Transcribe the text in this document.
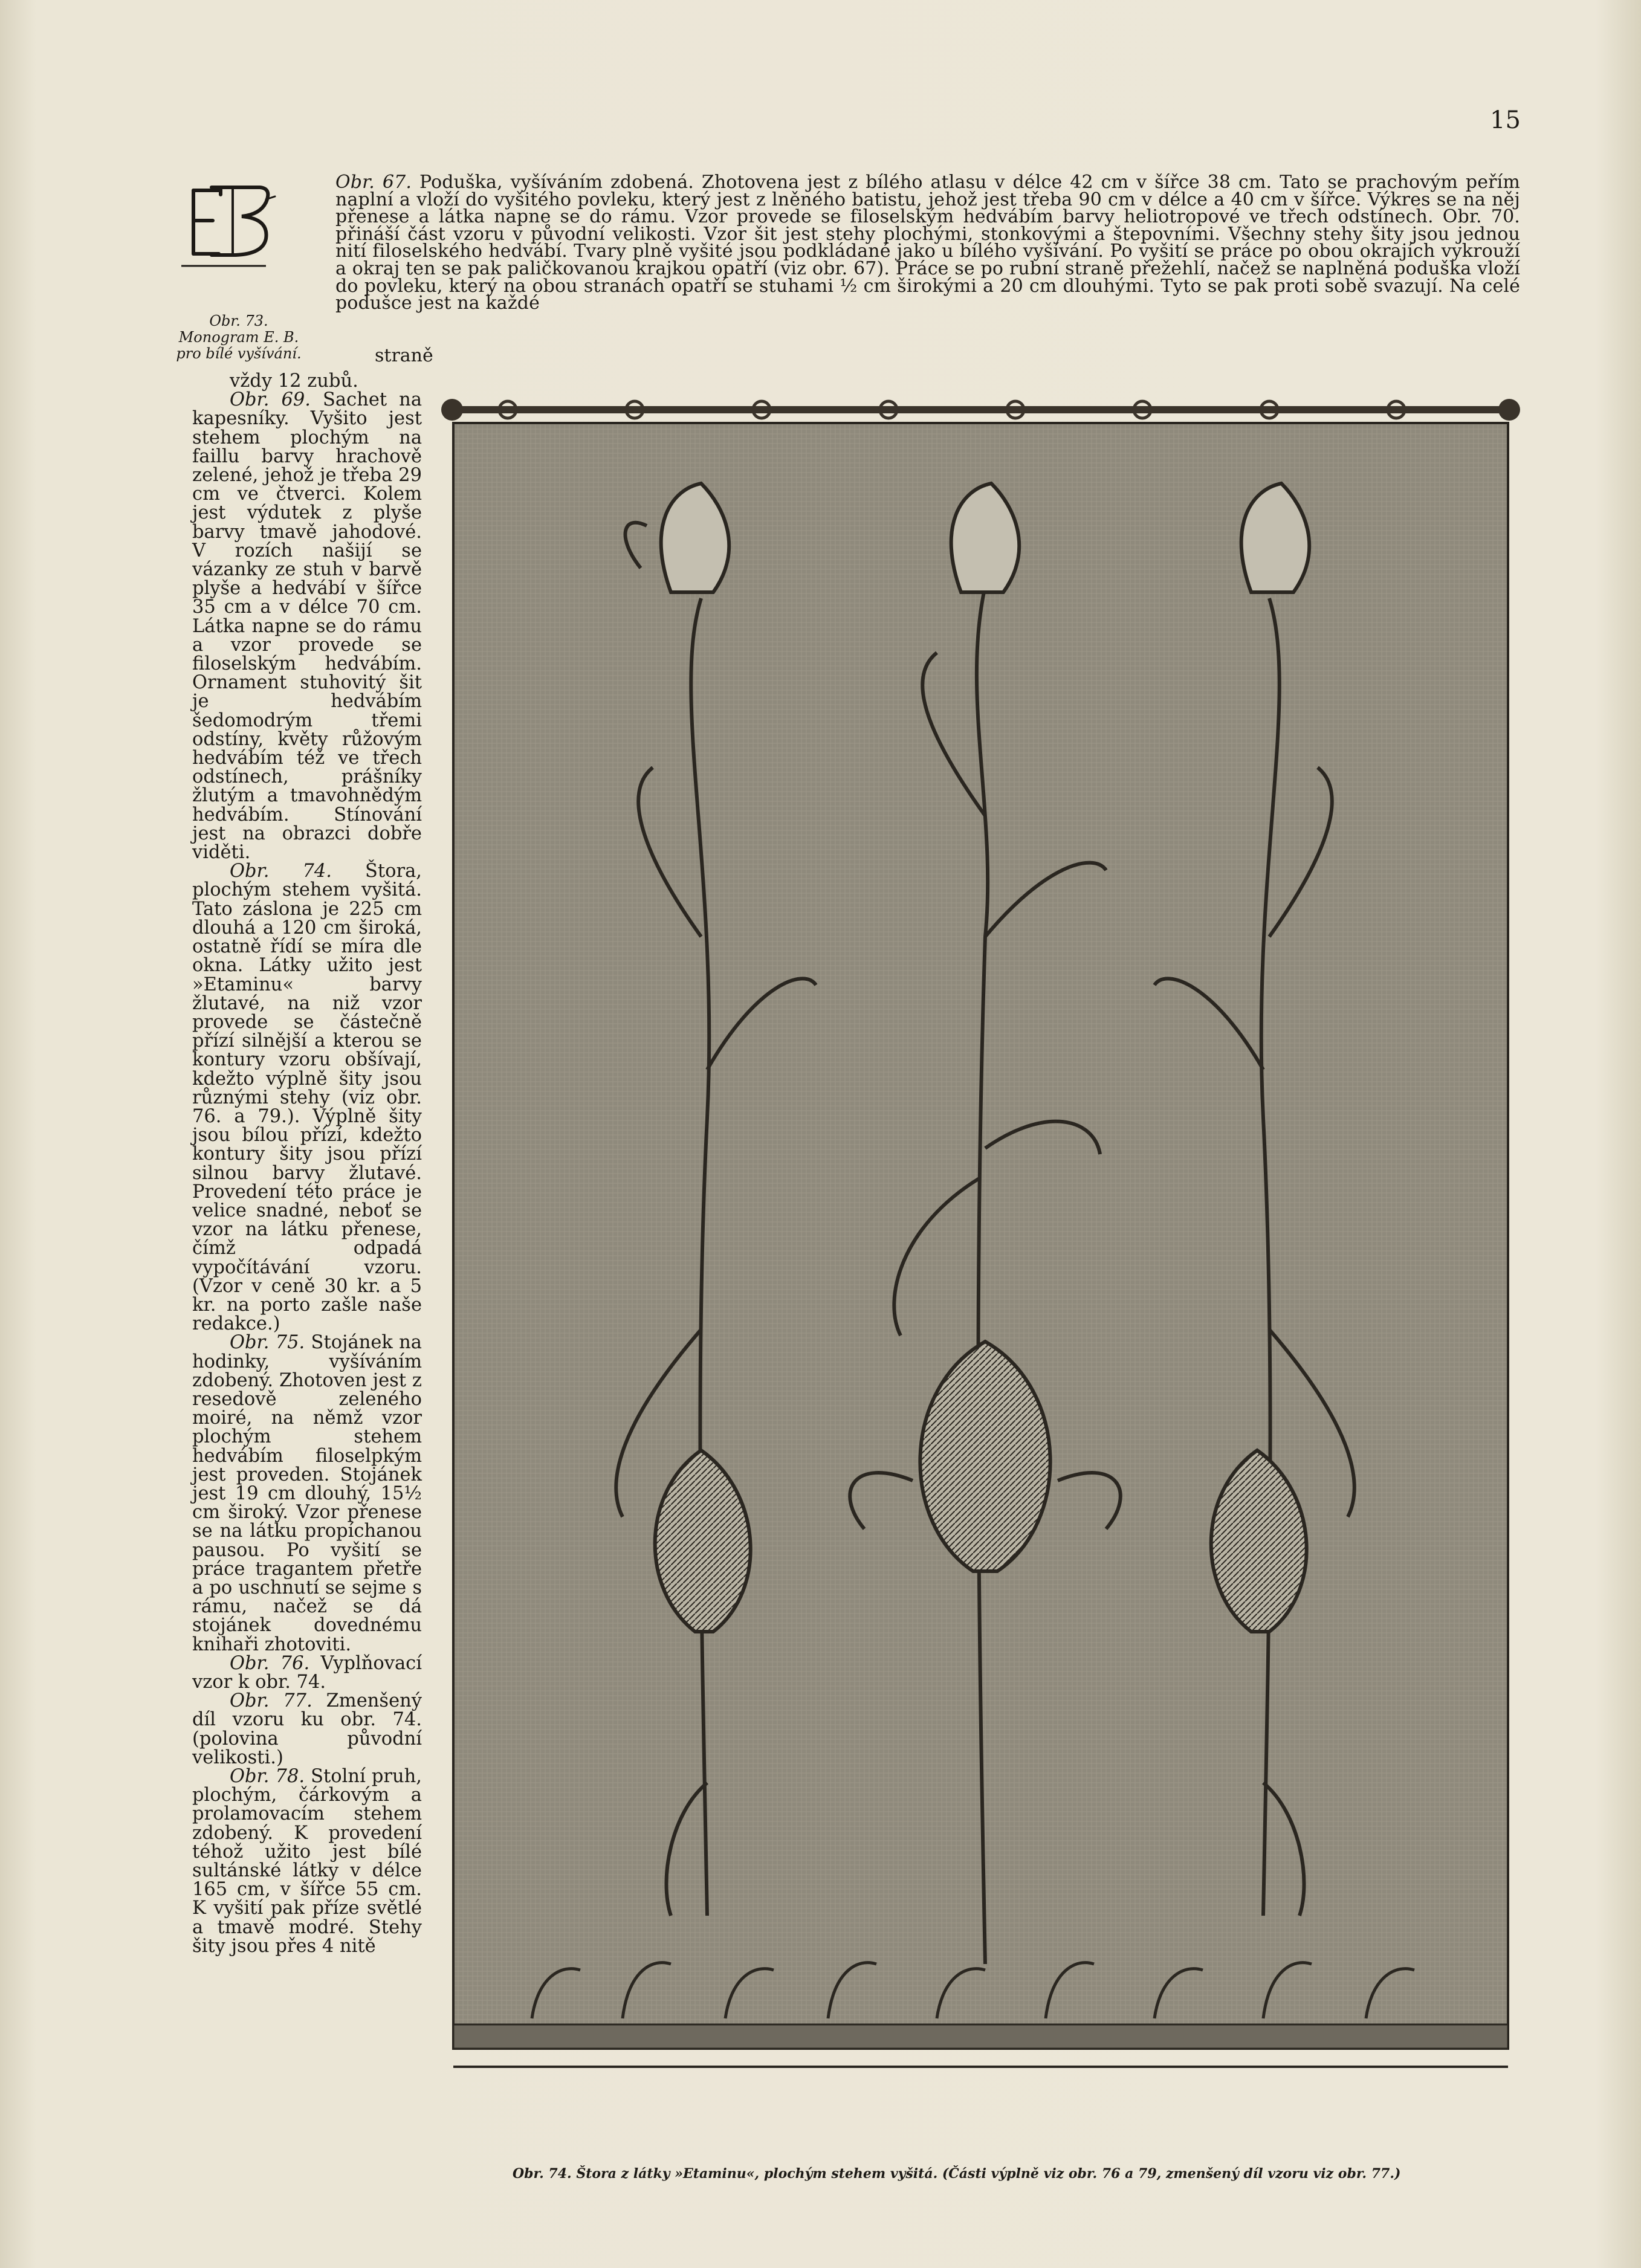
15
Obr. 73. Monogram E. B. pro bílé vyšívání.

Obr. 67. Poduška, vyšíváním zdobená. Zhotovena jest z bílého atlasu v délce 42 cm v šířce 38 cm. Tato se prachovým peřím naplní a vloží do vyšitého povleku, který jest z lněného batistu, jehož jest třeba 90 cm v délce a 40 cm v šířce. Výkres se na něj přenese a látka napne se do rámu. Vzor provede se filoselským hedvábím barvy heliotropové ve třech odstínech. Obr. 70. přináší část vzoru v původní velikosti. Vzor šit jest stehy plochými, stonkovými a štepovními. Všechny stehy šity jsou jednou nití filoselského hedvábí. Tvary plně vyšité jsou podkládané jako u bílého vyšívání. Po vyšití se práce po obou okrajích vykrouží a okraj ten se pak paličkovanou krajkou opatří (viz obr. 67). Práce se po rubní straně přežehlí, načež se naplněná poduška vloží do povleku, který na obou stranách opatří se stuhami ½ cm širokými a 20 cm dlouhými. Tyto se pak proti sobě svazují. Na celé podušce jest na každé

straně

vždy 12 zubů.

Obr. 69. Sachet na kapesníky. Vyšito jest stehem plochým na faillu barvy hrachově zelené, jehož je třeba 29 cm ve čtverci. Kolem jest výdutek z plyše barvy tmavě jahodové. V rozích našijí se vázanky ze stuh v barvě plyše a hedvábí v šířce 35 cm a v délce 70 cm. Látka napne se do rámu a vzor provede se filoselským hedvábím. Ornament stuhovitý šit je hedvábím šedomodrým třemi odstíny, květy růžovým hedvábím též ve třech odstínech, prášníky žlutým a tmavohnědým hedvábím. Stínování jest na obrazci dobře viděti.

Obr. 74. Štora, plochým stehem vyšitá. Tato záslona je 225 cm dlouhá a 120 cm široká, ostatně řídí se míra dle okna. Látky užito jest »Etaminu« barvy žlutavé, na niž vzor provede se částečně přízí silnější a kterou se kontury vzoru obšívají, kdežto výplně šity jsou různými stehy (viz obr. 76. a 79.). Výplně šity jsou bílou přízí, kdežto kontury šity jsou přízí silnou barvy žlutavé. Provedení této práce je velice snadné, neboť se vzor na látku přenese, čímž odpadá vypočítávání vzoru. (Vzor v ceně 30 kr. a 5 kr. na porto zašle naše redakce.)

Obr. 75. Stojánek na hodinky, vyšíváním zdobený. Zhotoven jest z resedově zeleného moiré, na němž vzor plochým stehem hedvábím filoselpkým jest proveden. Stojánek jest 19 cm dlouhý, 15½ cm široký. Vzor přenese se na látku propíchanou pausou. Po vyšití se práce tragantem přetře a po uschnutí se sejme s rámu, načež se dá stojánek dovednému knihaři zhotoviti.

Obr. 76. Vyplňovací vzor k obr. 74.

Obr. 77. Zmenšený díl vzoru ku obr. 74. (polovina původní velikosti.)

Obr. 78. Stolní pruh, plochým, čárkovým a prolamovacím stehem zdobený. K provedení téhož užito jest bílé sultánské látky v délce 165 cm, v šířce 55 cm. K vyšití pak příze světlé a tmavě modré. Stehy šity jsou přes 4 nitě

Obr. 74. Štora z látky »Etaminu«, plochým stehem vyšitá. (Části výplně viz obr. 76 a 79, zmenšený díl vzoru viz obr. 77.)
